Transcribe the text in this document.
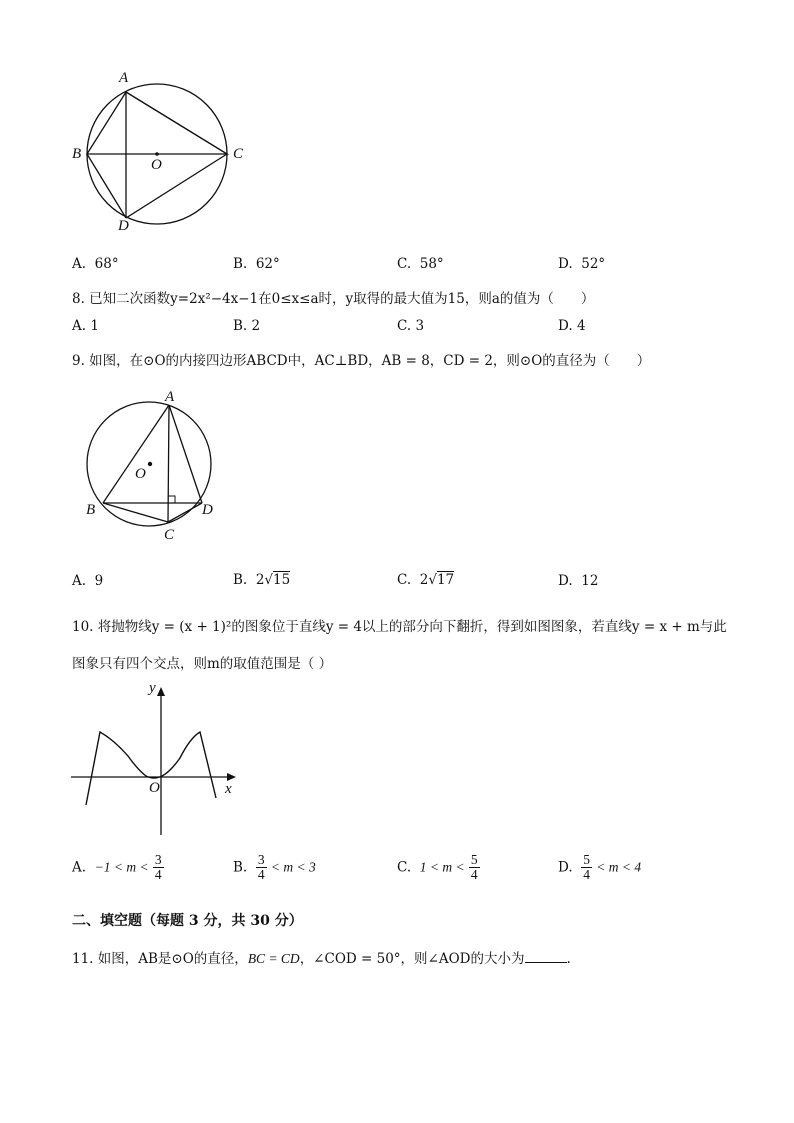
A
B	C
D
O
A. 68°	B. 62°	C. 58°	D. 52°
8. 已知二次函数y=2x²−4x−1在0≤x≤a时，y取得的最大值为15，则a的值为（　　）
A. 1	B. 2	C. 3	D. 4
9. 如图，在⊙O的内接四边形ABCD中，AC⊥BD，AB = 8，CD = 2，则⊙O的直径为（　　）
A
B
C
D
O
A. 9	B. 2√15	C. 2√17	D. 12
10. 将抛物线y = (x + 1)²的图象位于直线y = 4以上的部分向下翻折，得到如图图象，若直线y = x + m与此
图象只有四个交点，则m的取值范围是（ ）
y
x
O
A. $-1 < m < \frac{3}{4}$	B. $\frac{3}{4} < m < 3$	C. $1 < m < \frac{5}{4}$	D. $\frac{5}{4} < m < 4$
二、填空题（每题 3 分，共 30 分）
11. 如图，AB是⊙O的直径，BC = CD，∠COD = 50°，则∠AOD的大小为	.
